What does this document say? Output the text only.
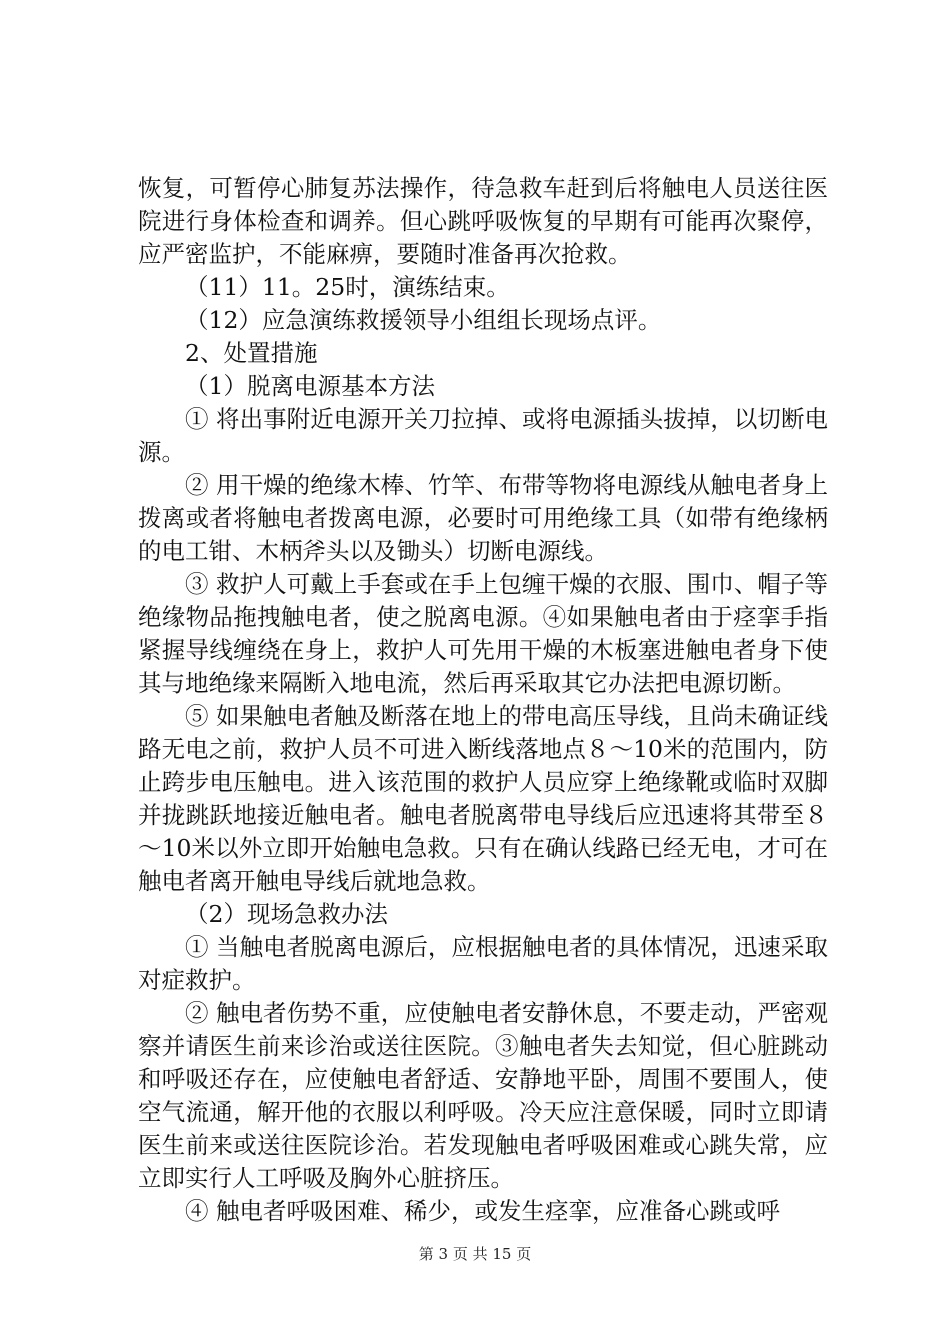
恢复，可暂停心肺复苏法操作，待急救车赶到后将触电人员送往医院进行身体检查和调养。但心跳呼吸恢复的早期有可能再次聚停，应严密监护，不能麻痹，要随时准备再次抢救。

（11）11。25时，演练结束。

（12）应急演练救援领导小组组长现场点评。

2、处置措施

（1）脱离电源基本方法

① 将出事附近电源开关刀拉掉、或将电源插头拔掉，以切断电源。

② 用干燥的绝缘木棒、竹竿、布带等物将电源线从触电者身上拨离或者将触电者拨离电源，必要时可用绝缘工具（如带有绝缘柄的电工钳、木柄斧头以及锄头）切断电源线。

③ 救护人可戴上手套或在手上包缠干燥的衣服、围巾、帽子等绝缘物品拖拽触电者，使之脱离电源。④如果触电者由于痉挛手指紧握导线缠绕在身上，救护人可先用干燥的木板塞进触电者身下使其与地绝缘来隔断入地电流，然后再采取其它办法把电源切断。

⑤ 如果触电者触及断落在地上的带电高压导线，且尚未确证线路无电之前，救护人员不可进入断线落地点８～10米的范围内，防止跨步电压触电。进入该范围的救护人员应穿上绝缘靴或临时双脚并拢跳跃地接近触电者。触电者脱离带电导线后应迅速将其带至８～10米以外立即开始触电急救。只有在确认线路已经无电，才可在触电者离开触电导线后就地急救。

（2）现场急救办法

① 当触电者脱离电源后，应根据触电者的具体情况，迅速采取对症救护。

② 触电者伤势不重，应使触电者安静休息，不要走动，严密观察并请医生前来诊治或送往医院。③触电者失去知觉，但心脏跳动和呼吸还存在，应使触电者舒适、安静地平卧，周围不要围人，使空气流通，解开他的衣服以利呼吸。冷天应注意保暖，同时立即请医生前来或送往医院诊治。若发现触电者呼吸困难或心跳失常，应立即实行人工呼吸及胸外心脏挤压。

④ 触电者呼吸困难、稀少，或发生痉挛，应准备心跳或呼

第 3 页 共 15 页
